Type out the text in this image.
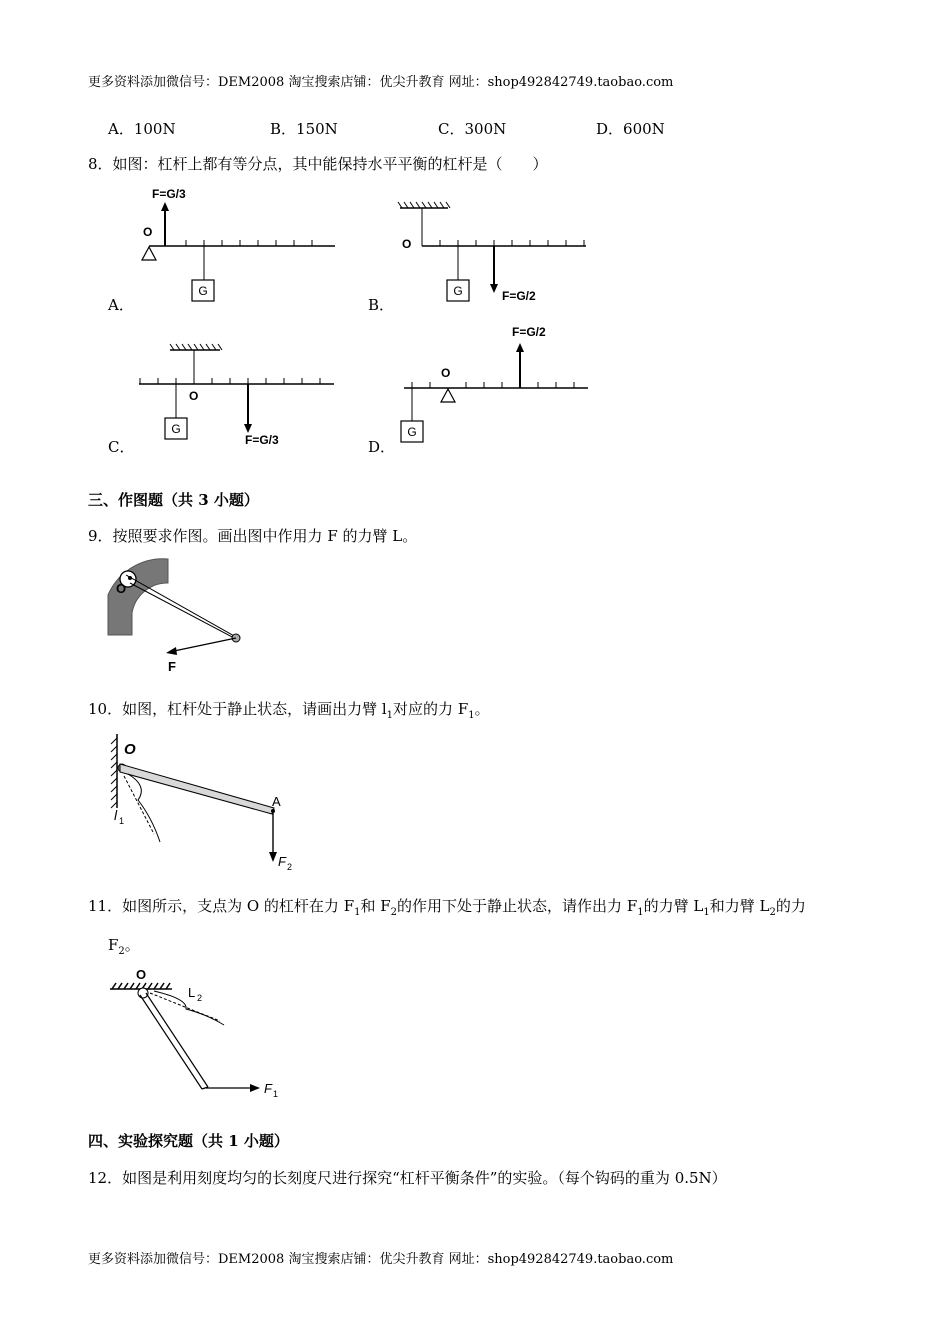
更多资料添加微信号：DEM2008 淘宝搜索店铺：优尖升教育 网址：shop492842749.taobao.com
A．100N	B．150N	C．300N	D．600N
8．如图：杠杆上都有等分点，其中能保持水平平衡的杠杆是（　　）
F=G/3
O
G
A．
O
G	F=G/2
B．
O
G
F=G/3
C．
F=G/2
O
G
D．
三、作图题（共 3 小题）
9．按照要求作图。画出图中作用力 F 的力臂 L。
O
F
10．如图，杠杆处于静止状态，请画出力臂 $l_1$对应的力 $F_1$。
O
A
F 2
l 1
11．如图所示，支点为 O 的杠杆在力 $F_1$和 $F_2$的作用下处于静止状态，请作出力 $F_1$的力臂 $L_1$和力臂 $L_2$的力
$F_2$。
O
F 1
L 2
四、实验探究题（共 1 小题）
12．如图是利用刻度均匀的长刻度尺进行探究“杠杆平衡条件”的实验。（每个钩码的重为 0.5N）
更多资料添加微信号：DEM2008 淘宝搜索店铺：优尖升教育 网址：shop492842749.taobao.com
